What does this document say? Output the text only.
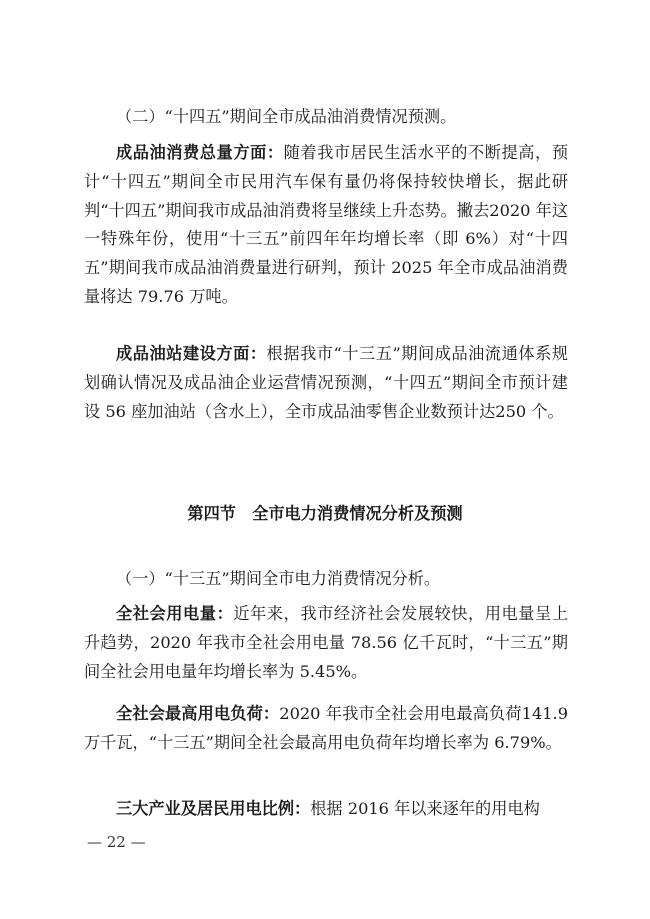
（二）“十四五”期间全市成品油消费情况预测。

成品油消费总量方面：随着我市居民生活水平的不断提高，预计“十四五”期间全市民用汽车保有量仍将保持较快增长，据此研判“十四五”期间我市成品油消费将呈继续上升态势。撇去2020 年这一特殊年份，使用“十三五”前四年年均增长率（即 6%）对“十四五”期间我市成品油消费量进行研判，预计 2025 年全市成品油消费量将达 79.76 万吨。

成品油站建设方面：根据我市“十三五”期间成品油流通体系规划确认情况及成品油企业运营情况预测，“十四五”期间全市预计建设 56 座加油站（含水上），全市成品油零售企业数预计达250 个。

第四节　全市电力消费情况分析及预测

（一）“十三五”期间全市电力消费情况分析。

全社会用电量：近年来，我市经济社会发展较快，用电量呈上升趋势，2020 年我市全社会用电量 78.56 亿千瓦时，“十三五”期间全社会用电量年均增长率为 5.45%。

全社会最高用电负荷：2020 年我市全社会用电最高负荷141.9 万千瓦，“十三五”期间全社会最高用电负荷年均增长率为 6.79%。

三大产业及居民用电比例：根据 2016 年以来逐年的用电构

— 22 —
